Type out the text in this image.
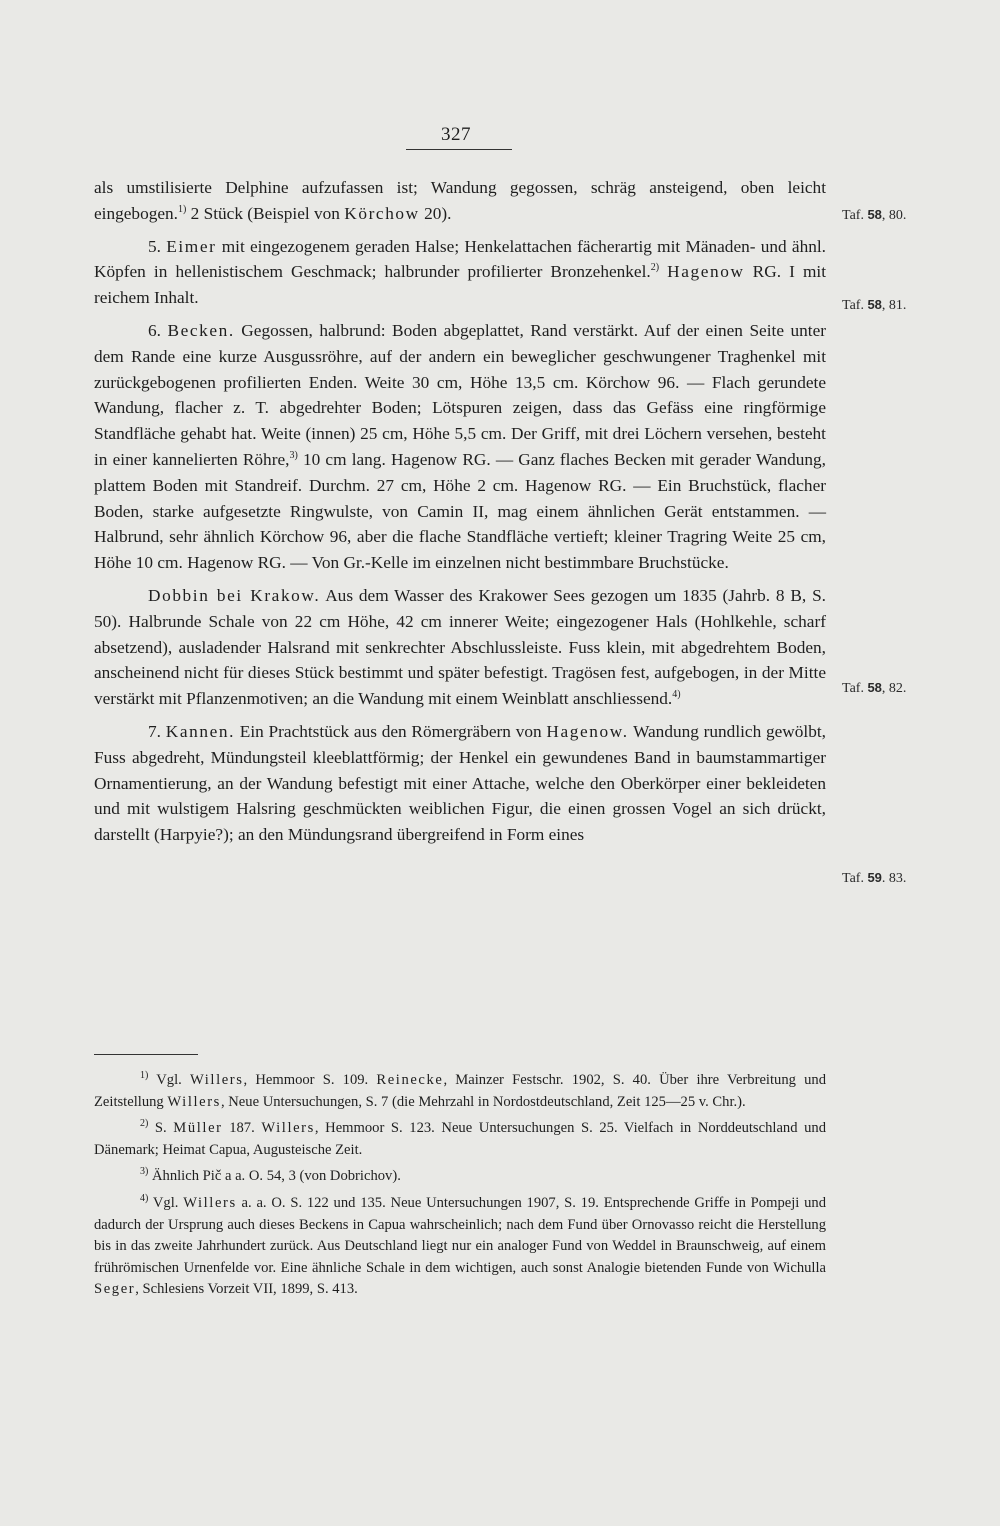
327

als umstilisierte Delphine aufzufassen ist; Wandung gegossen, schräg ansteigend, oben leicht eingebogen.$^{1)}$ 2 Stück (Beispiel von Körchow 20).

5. Eimer mit eingezogenem geraden Halse; Henkelattachen fächerartig mit Mänaden- und ähnl. Köpfen in hellenistischem Geschmack; halbrunder profilierter Bronzehenkel.$^{2)}$ Hagenow RG. I mit reichem Inhalt.

6. Becken. Gegossen, halbrund: Boden abgeplattet, Rand verstärkt. Auf der einen Seite unter dem Rande eine kurze Ausgussröhre, auf der andern ein beweglicher geschwungener Traghenkel mit zurückgebogenen profilierten Enden. Weite 30 cm, Höhe 13,5 cm. Körchow 96. — Flach gerundete Wandung, flacher z. T. abgedrehter Boden; Lötspuren zeigen, dass das Gefäss eine ringförmige Standfläche gehabt hat. Weite (innen) 25 cm, Höhe 5,5 cm. Der Griff, mit drei Löchern versehen, besteht in einer kannelierten Röhre,$^{3)}$ 10 cm lang. Hagenow RG. — Ganz flaches Becken mit gerader Wandung, plattem Boden mit Standreif. Durchm. 27 cm, Höhe 2 cm. Hagenow RG. — Ein Bruchstück, flacher Boden, starke aufgesetzte Ringwulste, von Camin II, mag einem ähnlichen Gerät entstammen. — Halbrund, sehr ähnlich Körchow 96, aber die flache Standfläche vertieft; kleiner Tragring Weite 25 cm, Höhe 10 cm. Hagenow RG. — Von Gr.-Kelle im einzelnen nicht bestimmbare Bruchstücke.

Dobbin bei Krakow. Aus dem Wasser des Krakower Sees gezogen um 1835 (Jahrb. 8 B, S. 50). Halbrunde Schale von 22 cm Höhe, 42 cm innerer Weite; eingezogener Hals (Hohlkehle, scharf absetzend), ausladender Halsrand mit senkrechter Abschlussleiste. Fuss klein, mit abgedrehtem Boden, anscheinend nicht für dieses Stück bestimmt und später befestigt. Tragösen fest, aufgebogen, in der Mitte verstärkt mit Pflanzenmotiven; an die Wandung mit einem Weinblatt anschliessend.$^{4)}$

7. Kannen. Ein Prachtstück aus den Römergräbern von Hagenow. Wandung rundlich gewölbt, Fuss abgedreht, Mündungsteil kleeblattförmig; der Henkel ein gewundenes Band in baumstammartiger Ornamentierung, an der Wandung befestigt mit einer Attache, welche den Oberkörper einer bekleideten und mit wulstigem Halsring geschmückten weiblichen Figur, die einen grossen Vogel an sich drückt, darstellt (Harpyie?); an den Mündungsrand übergreifend in Form eines

Taf. 58, 80.
Taf. 58, 81.
Taf. 58, 82.
Taf. 59. 83.

$^{1)}$ Vgl. Willers, Hemmoor S. 109. Reinecke, Mainzer Festschr. 1902, S. 40. Über ihre Verbreitung und Zeitstellung Willers, Neue Untersuchungen, S. 7 (die Mehrzahl in Nordostdeutschland, Zeit 125—25 v. Chr.).

$^{2)}$ S. Müller 187. Willers, Hemmoor S. 123. Neue Untersuchungen S. 25. Vielfach in Norddeutschland und Dänemark; Heimat Capua, Augusteische Zeit.

$^{3)}$ Ähnlich Pič a a. O. 54, 3 (von Dobrichov).

$^{4)}$ Vgl. Willers a. a. O. S. 122 und 135. Neue Untersuchungen 1907, S. 19. Entsprechende Griffe in Pompeji und dadurch der Ursprung auch dieses Beckens in Capua wahrscheinlich; nach dem Fund über Ornovasso reicht die Herstellung bis in das zweite Jahrhundert zurück. Aus Deutschland liegt nur ein analoger Fund von Weddel in Braunschweig, auf einem frührömischen Urnenfelde vor. Eine ähnliche Schale in dem wichtigen, auch sonst Analogie bietenden Funde von Wichulla Seger, Schlesiens Vorzeit VII, 1899, S. 413.
